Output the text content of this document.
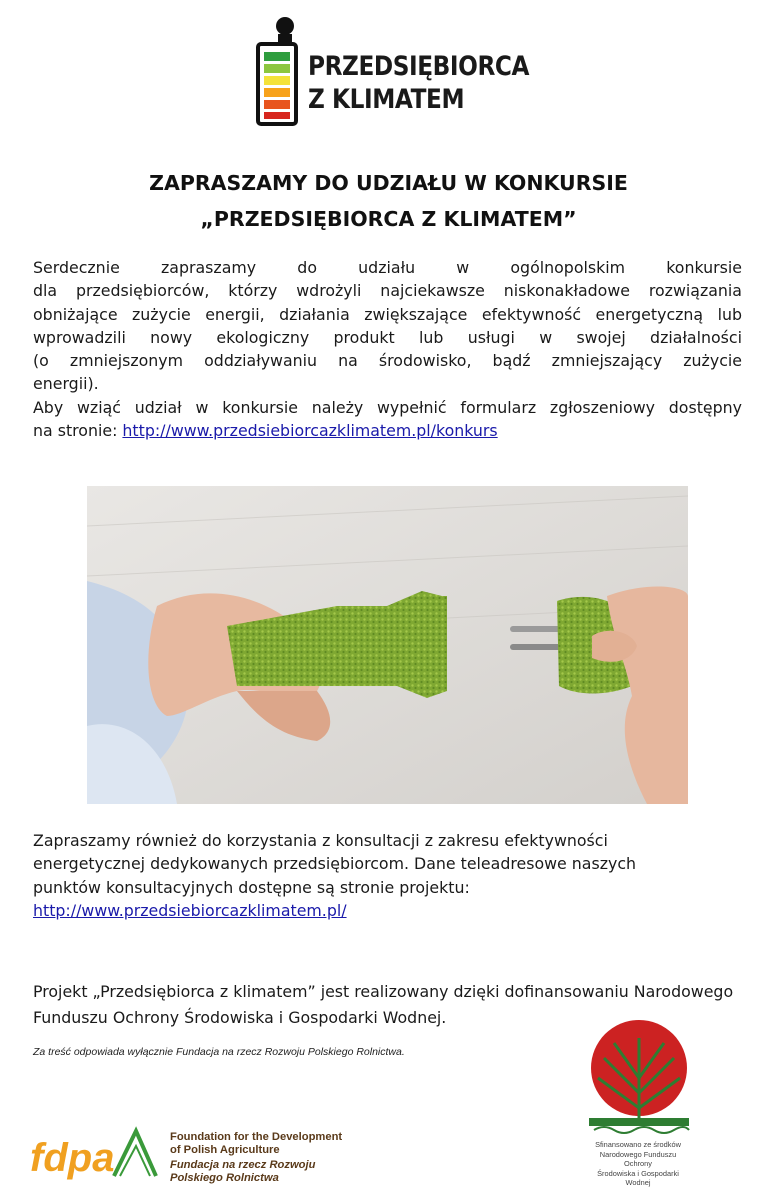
PRZEDSIĘBIORCA
Z KLIMATEM
ZAPRASZAMY DO UDZIAŁU W KONKURSIE
„PRZEDSIĘBIORCA Z KLIMATEM”
Serdecznie zapraszamy do udziału w ogólnopolskim konkursie
dla przedsiębiorców, którzy wdrożyli najciekawsze niskonakładowe rozwiązania
obniżające zużycie energii, działania zwiększające efektywność energetyczną lub
wprowadzili nowy ekologiczny produkt lub usługi w swojej działalności
(o zmniejszonym oddziaływaniu na środowisko, bądź zmniejszający zużycie
energii).
Aby wziąć udział w konkursie należy wypełnić formularz zgłoszeniowy dostępny
na stronie: http://www.przedsiebiorcazklimatem.pl/konkurs
Zapraszamy również do korzystania z konsultacji z zakresu efektywności
energetycznej dedykowanych przedsiębiorcom. Dane teleadresowe naszych
punktów konsultacyjnych dostępne są stronie projektu:
http://www.przedsiebiorcazklimatem.pl/
Projekt „Przedsiębiorca z klimatem” jest realizowany dzięki dofinansowaniu Narodowego
Funduszu Ochrony Środowiska i Gospodarki Wodnej.
Za treść odpowiada wyłącznie Fundacja na rzecz Rozwoju Polskiego Rolnictwa.
fdpa	Foundation for the Development
of Polish Agriculture
Fundacja na rzecz Rozwoju
Polskiego Rolnictwa
Sfinansowano ze środków
Narodowego Funduszu Ochrony
Środowiska i Gospodarki Wodnej
